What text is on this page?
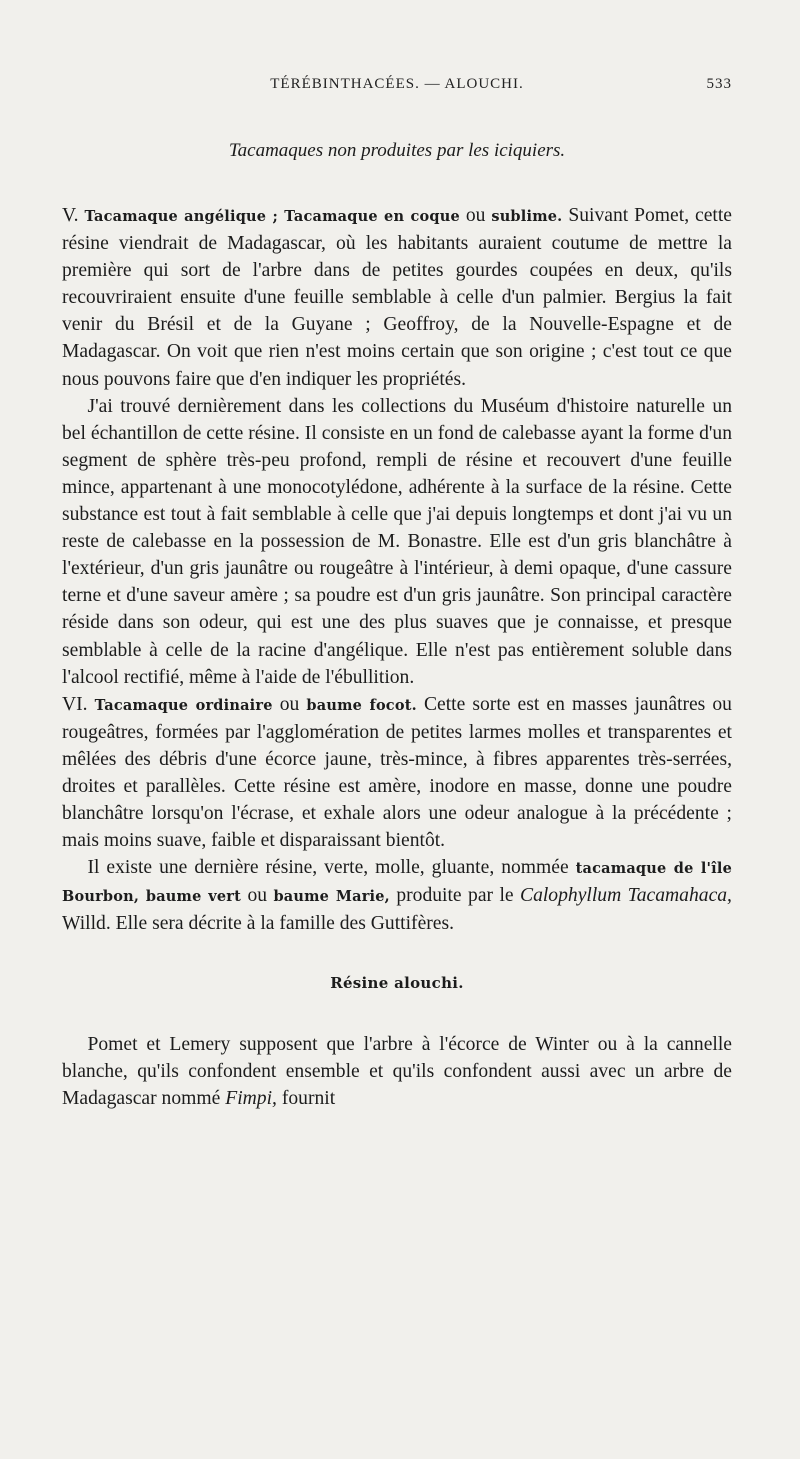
TÉRÉBINTHACÉES. — ALOUCHI.	533
Tacamaques non produites par les iciquiers.

V. Tacamaque angélique ; Tacamaque en coque ou sublime. Suivant Pomet, cette résine viendrait de Madagascar, où les habitants auraient coutume de mettre la première qui sort de l'arbre dans de petites gourdes coupées en deux, qu'ils recouvriraient ensuite d'une feuille semblable à celle d'un palmier. Bergius la fait venir du Brésil et de la Guyane ; Geoffroy, de la Nouvelle-Espagne et de Madagascar. On voit que rien n'est moins certain que son origine ; c'est tout ce que nous pouvons faire que d'en indiquer les propriétés.

J'ai trouvé dernièrement dans les collections du Muséum d'histoire naturelle un bel échantillon de cette résine. Il consiste en un fond de calebasse ayant la forme d'un segment de sphère très-peu profond, rempli de résine et recouvert d'une feuille mince, appartenant à une monocotylédone, adhérente à la surface de la résine. Cette substance est tout à fait semblable à celle que j'ai depuis longtemps et dont j'ai vu un reste de calebasse en la possession de M. Bonastre. Elle est d'un gris blanchâtre à l'extérieur, d'un gris jaunâtre ou rougeâtre à l'intérieur, à demi opaque, d'une cassure terne et d'une saveur amère ; sa poudre est d'un gris jaunâtre. Son principal caractère réside dans son odeur, qui est une des plus suaves que je connaisse, et presque semblable à celle de la racine d'angélique. Elle n'est pas entièrement soluble dans l'alcool rectifié, même à l'aide de l'ébullition.

VI. Tacamaque ordinaire ou baume focot. Cette sorte est en masses jaunâtres ou rougeâtres, formées par l'agglomération de petites larmes molles et transparentes et mêlées des débris d'une écorce jaune, très-mince, à fibres apparentes très-serrées, droites et parallèles. Cette résine est amère, inodore en masse, donne une poudre blanchâtre lorsqu'on l'écrase, et exhale alors une odeur analogue à la précédente ; mais moins suave, faible et disparaissant bientôt.

Il existe une dernière résine, verte, molle, gluante, nommée tacamaque de l'île Bourbon, baume vert ou baume Marie, produite par le Calophyllum Tacamahaca, Willd. Elle sera décrite à la famille des Guttifères.

Résine alouchi.

Pomet et Lemery supposent que l'arbre à l'écorce de Winter ou à la cannelle blanche, qu'ils confondent ensemble et qu'ils confondent aussi avec un arbre de Madagascar nommé Fimpi, fournit
